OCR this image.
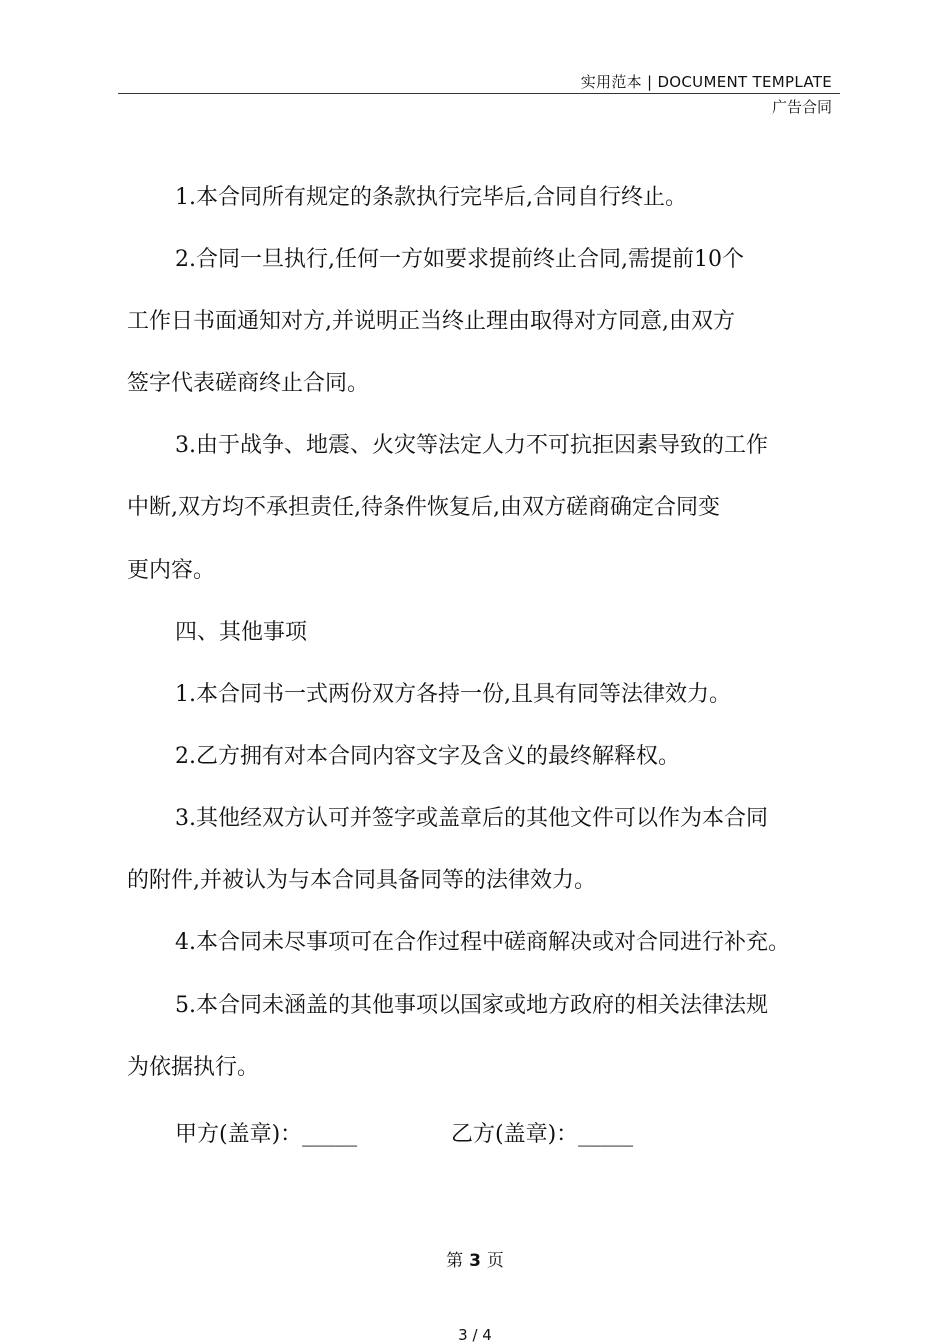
实用范本 | DOCUMENT TEMPLATE
广告合同
1.本合同所有规定的条款执行完毕后,合同自行终止。
2.合同一旦执行,任何一方如要求提前终止合同,需提前10个
工作日书面通知对方,并说明正当终止理由取得对方同意,由双方
签字代表磋商终止合同。
3.由于战争、地震、火灾等法定人力不可抗拒因素导致的工作
中断,双方均不承担责任,待条件恢复后,由双方磋商确定合同变
更内容。
四、其他事项
1.本合同书一式两份双方各持一份,且具有同等法律效力。
2.乙方拥有对本合同内容文字及含义的最终解释权。
3.其他经双方认可并签字或盖章后的其他文件可以作为本合同
的附件,并被认为与本合同具备同等的法律效力。
4.本合同未尽事项可在合作过程中磋商解决或对合同进行补充。
5.本合同未涵盖的其他事项以国家或地方政府的相关法律法规
为依据执行。
甲方(盖章)：_____	乙方(盖章)：_____
第 3 页
3 / 4
